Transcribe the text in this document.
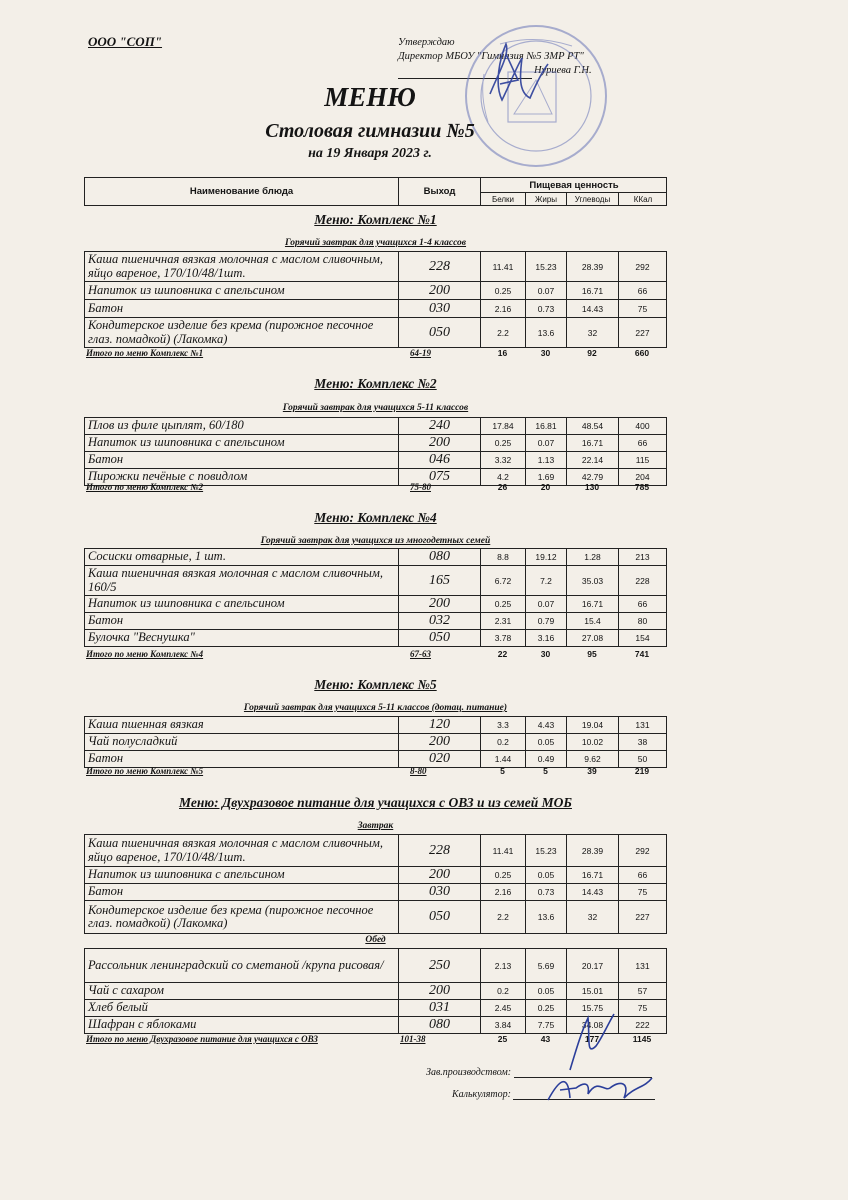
ООО "СОП"	Утверждаю
Директор МБОУ "Гимназия №5 ЗМР РТ"
Нуриева Г.Н.
МЕНЮ
Столовая гимназии №5
на 19 Января 2023 г.
Наименование блюда	Выход
Пищевая ценность
Белки	Жиры	Углеводы	ККал
Меню: Комплекс №1
Горячий завтрак для учащихся 1-4 классов
Каша пшеничная вязкая молочная с маслом сливочным, яйцо вареное, 170/10/48/1шт.	228	11.41	15.23	28.39	292
Напиток из шиповника с апельсином	200	0.25	0.07	16.71	66
Батон	030	2.16	0.73	14.43	75
Кондитерское изделие без крема (пирожное песочное глаз. помадкой) (Лакомка)	050	2.2	13.6	32	227
Итого по меню Комплекс №1	64-19	16	30	92	660
Меню: Комплекс №2
Горячий завтрак для учащихся 5-11 классов
Плов из филе цыплят, 60/180	240	17.84	16.81	48.54	400
Напиток из шиповника с апельсином	200	0.25	0.07	16.71	66
Батон	046	3.32	1.13	22.14	115
Пирожки печёные с повидлом	075	4.2	1.69	42.79	204
Итого по меню Комплекс №2	75-80	26	20	130	785
Меню: Комплекс №4
Горячий завтрак для учащихся из многодетных семей
Сосиски отварные, 1 шт.	080	8.8	19.12	1.28	213
Каша пшеничная вязкая молочная с маслом сливочным, 160/5	165	6.72	7.2	35.03	228
Напиток из шиповника с апельсином	200	0.25	0.07	16.71	66
Батон	032	2.31	0.79	15.4	80
Булочка "Веснушка"	050	3.78	3.16	27.08	154
Итого по меню Комплекс №4	67-63	22	30	95	741
Меню: Комплекс №5
Горячий завтрак для учащихся 5-11 классов (дотац. питание)
Каша пшенная вязкая	120	3.3	4.43	19.04	131
Чай полусладкий	200	0.2	0.05	10.02	38
Батон	020	1.44	0.49	9.62	50
Итого по меню Комплекс №5	8-80	5	5	39	219
Меню: Двухразовое питание для учащихся с ОВЗ и из семей МОБ
Завтрак
Каша пшеничная вязкая молочная с маслом сливочным, яйцо вареное, 170/10/48/1шт.	228	11.41	15.23	28.39	292
Напиток из шиповника с апельсином	200	0.25	0.05	16.71	66
Батон	030	2.16	0.73	14.43	75
Кондитерское изделие без крема (пирожное песочное глаз. помадкой) (Лакомка)	050	2.2	13.6	32	227
Обед
Рассольник ленинградский со сметаной /крупа рисовая/	250	2.13	5.69	20.17	131
Чай с сахаром	200	0.2	0.05	15.01	57
Хлеб белый	031	2.45	0.25	15.75	75
Шафран с яблоками	080	3.84	7.75	34.08	222
Итого по меню Двухразовое питание для учащихся с ОВЗ	101-38	25	43	177	1145
Зав.производством:
Калькулятор:
